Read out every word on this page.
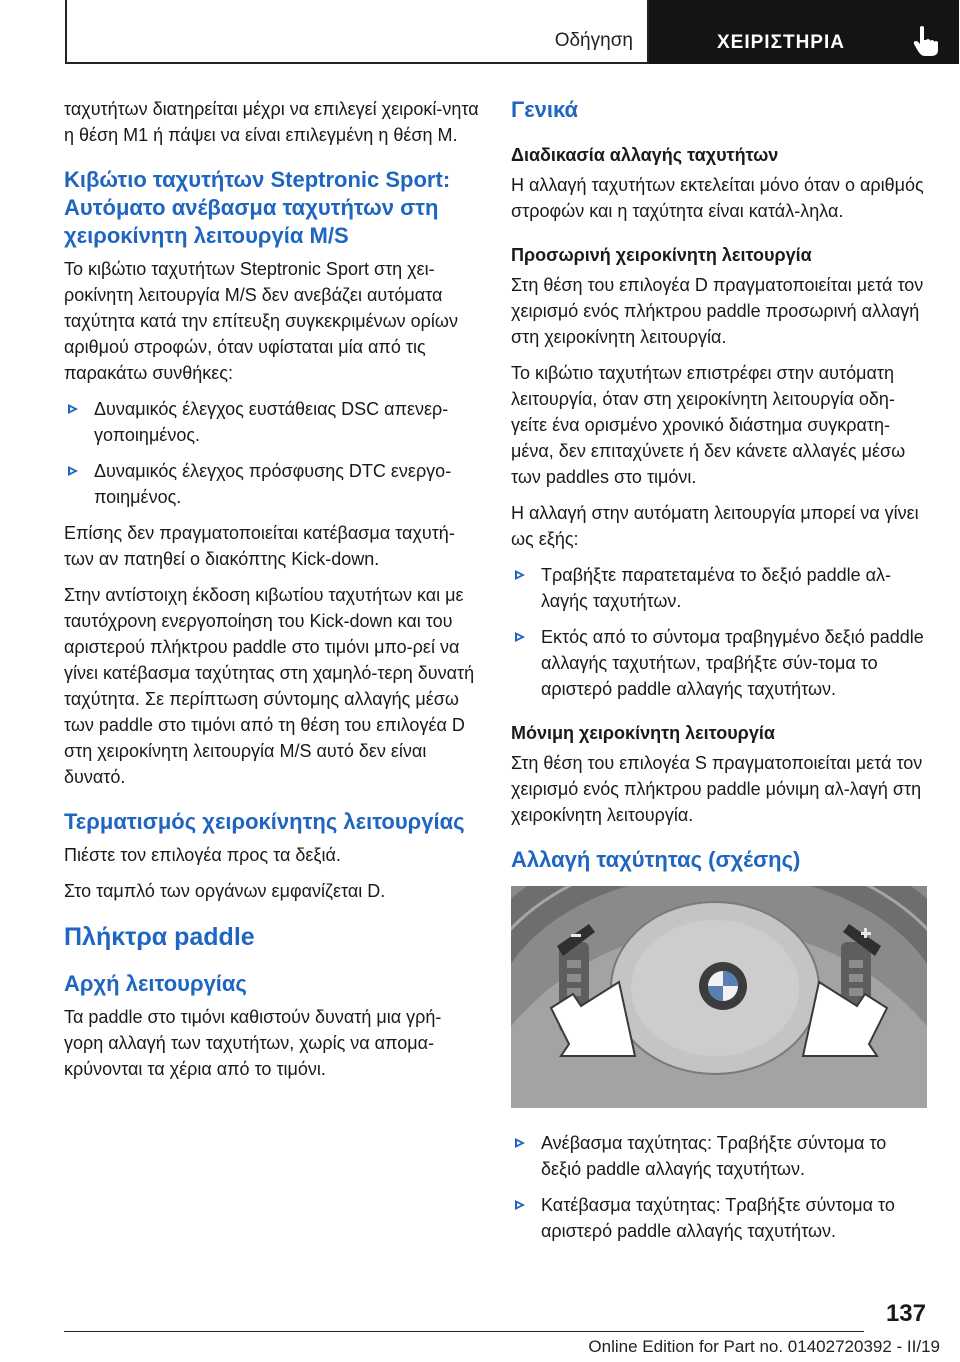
Οδήγηση	ΧΕΙΡΙΣΤΗΡΙΑ

ταχυτήτων διατηρείται μέχρι να επιλεγεί χειροκί-νητα η θέση M1 ή πάψει να είναι επιλεγμένη η θέση M.

Κιβώτιο ταχυτήτων Steptronic Sport: Αυτόματο ανέβασμα ταχυτήτων στη χειροκίνητη λειτουργία M/S

Το κιβώτιο ταχυτήτων Steptronic Sport στη χει-ροκίνητη λειτουργία M/S δεν ανεβάζει αυτόματα ταχύτητα κατά την επίτευξη συγκεκριμένων ορίων αριθμού στροφών, όταν υφίσταται μία από τις παρακάτω συνθήκες:

Δυναμικός έλεγχος ευστάθειας DSC απενερ-γοποιημένος.
Δυναμικός έλεγχος πρόσφυσης DTC ενεργο-ποιημένος.

Επίσης δεν πραγματοποιείται κατέβασμα ταχυτή-των αν πατηθεί ο διακόπτης Kick-down.

Στην αντίστοιχη έκδοση κιβωτίου ταχυτήτων και με ταυτόχρονη ενεργοποίηση του Kick-down και του αριστερού πλήκτρου paddle στο τιμόνι μπο-ρεί να γίνει κατέβασμα ταχύτητας στη χαμηλό-τερη δυνατή ταχύτητα. Σε περίπτωση σύντομης αλλαγής μέσω των paddle στο τιμόνι από τη θέση του επιλογέα D στη χειροκίνητη λειτουργία M/S αυτό δεν είναι δυνατό.

Τερματισμός χειροκίνητης λειτουργίας

Πιέστε τον επιλογέα προς τα δεξιά.

Στο ταμπλό των οργάνων εμφανίζεται D.

Πλήκτρα paddle
Αρχή λειτουργίας

Τα paddle στο τιμόνι καθιστούν δυνατή μια γρή-γορη αλλαγή των ταχυτήτων, χωρίς να απομα-κρύνονται τα χέρια από το τιμόνι.

Γενικά
Διαδικασία αλλαγής ταχυτήτων

Η αλλαγή ταχυτήτων εκτελείται μόνο όταν ο αριθμός στροφών και η ταχύτητα είναι κατάλ-ληλα.

Προσωρινή χειροκίνητη λειτουργία

Στη θέση του επιλογέα D πραγματοποιείται μετά τον χειρισμό ενός πλήκτρου paddle προσωρινή αλλαγή στη χειροκίνητη λειτουργία.

Το κιβώτιο ταχυτήτων επιστρέφει στην αυτόματη λειτουργία, όταν στη χειροκίνητη λειτουργία οδη-γείτε ένα ορισμένο χρονικό διάστημα συγκρατη-μένα, δεν επιταχύνετε ή δεν κάνετε αλλαγές μέσω των paddles στο τιμόνι.

Η αλλαγή στην αυτόματη λειτουργία μπορεί να γίνει ως εξής:

Τραβήξτε παρατεταμένα το δεξιό paddle αλ-λαγής ταχυτήτων.
Εκτός από το σύντομα τραβηγμένο δεξιό paddle αλλαγής ταχυτήτων, τραβήξτε σύν-τομα το αριστερό paddle αλλαγής ταχυτήτων.
Μόνιμη χειροκίνητη λειτουργία

Στη θέση του επιλογέα S πραγματοποιείται μετά τον χειρισμό ενός πλήκτρου paddle μόνιμη αλ-λαγή στη χειροκίνητη λειτουργία.

Αλλαγή ταχύτητας (σχέσης)
Ανέβασμα ταχύτητας: Τραβήξτε σύντομα το δεξιό paddle αλλαγής ταχυτήτων.
Κατέβασμα ταχύτητας: Τραβήξτε σύντομα το αριστερό paddle αλλαγής ταχυτήτων.
137
Online Edition for Part no. 01402720392 - II/19
